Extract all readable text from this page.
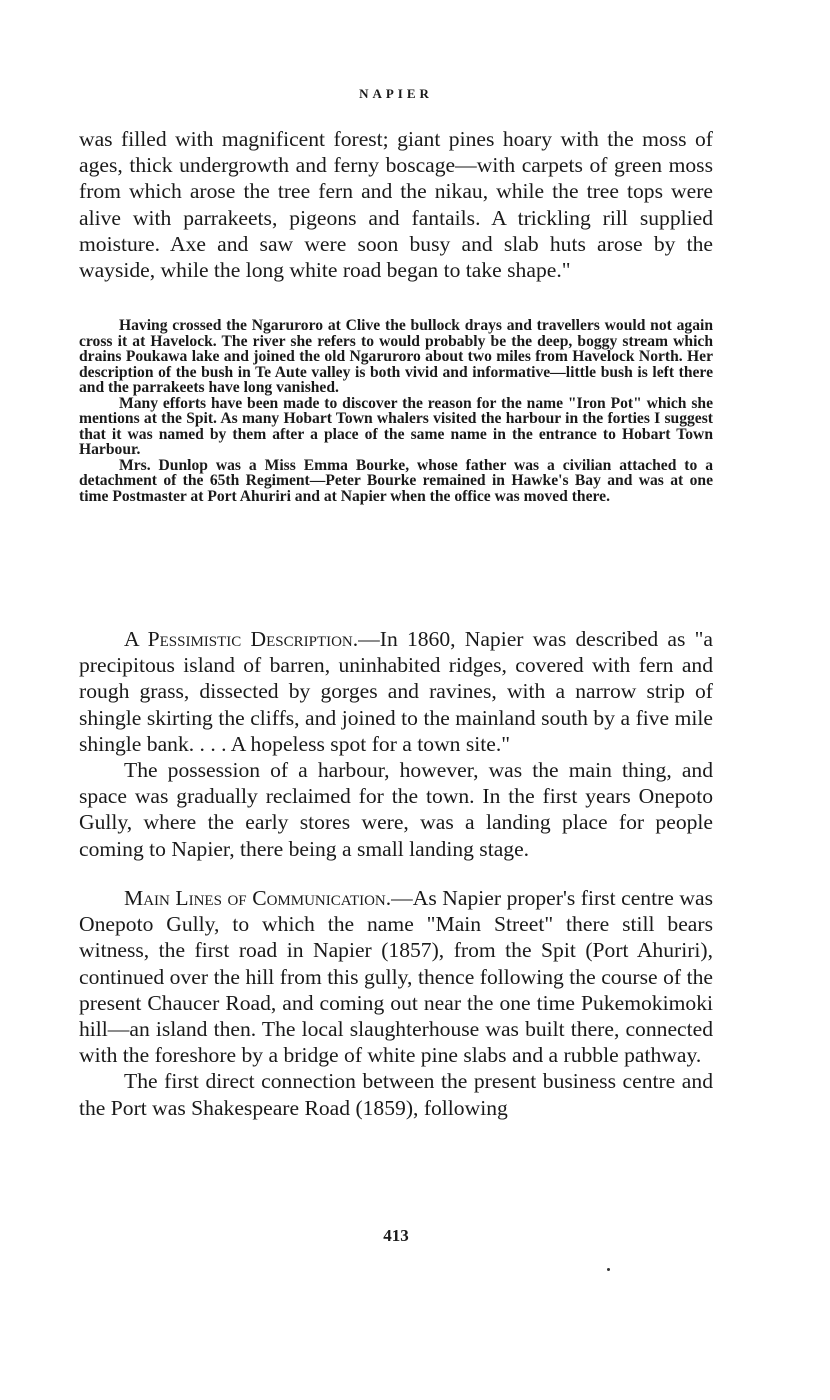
NAPIER

was filled with magnificent forest; giant pines hoary with the moss of ages, thick undergrowth and ferny boscage—with carpets of green moss from which arose the tree fern and the nikau, while the tree tops were alive with parrakeets, pigeons and fantails. A trickling rill supplied moisture. Axe and saw were soon busy and slab huts arose by the wayside, while the long white road began to take shape."

Having crossed the Ngaruroro at Clive the bullock drays and travellers would not again cross it at Havelock. The river she refers to would probably be the deep, boggy stream which drains Poukawa lake and joined the old Ngaruroro about two miles from Havelock North. Her description of the bush in Te Aute valley is both vivid and informative—little bush is left there and the parrakeets have long vanished.

Many efforts have been made to discover the reason for the name "Iron Pot" which she mentions at the Spit. As many Hobart Town whalers visited the harbour in the forties I suggest that it was named by them after a place of the same name in the entrance to Hobart Town Harbour.

Mrs. Dunlop was a Miss Emma Bourke, whose father was a civilian attached to a detachment of the 65th Regiment—Peter Bourke remained in Hawke's Bay and was at one time Postmaster at Port Ahuriri and at Napier when the office was moved there.

A Pessimistic Description.—In 1860, Napier was described as "a precipitous island of barren, uninhabited ridges, covered with fern and rough grass, dissected by gorges and ravines, with a narrow strip of shingle skirting the cliffs, and joined to the mainland south by a five mile shingle bank. . . . A hopeless spot for a town site."

The possession of a harbour, however, was the main thing, and space was gradually reclaimed for the town. In the first years Onepoto Gully, where the early stores were, was a landing place for people coming to Napier, there being a small landing stage.

Main Lines of Communication.—As Napier proper's first centre was Onepoto Gully, to which the name "Main Street" there still bears witness, the first road in Napier (1857), from the Spit (Port Ahuriri), continued over the hill from this gully, thence following the course of the present Chaucer Road, and coming out near the one time Pukemokimoki hill—an island then. The local slaughterhouse was built there, connected with the foreshore by a bridge of white pine slabs and a rubble pathway.

The first direct connection between the present business centre and the Port was Shakespeare Road (1859), following

413
